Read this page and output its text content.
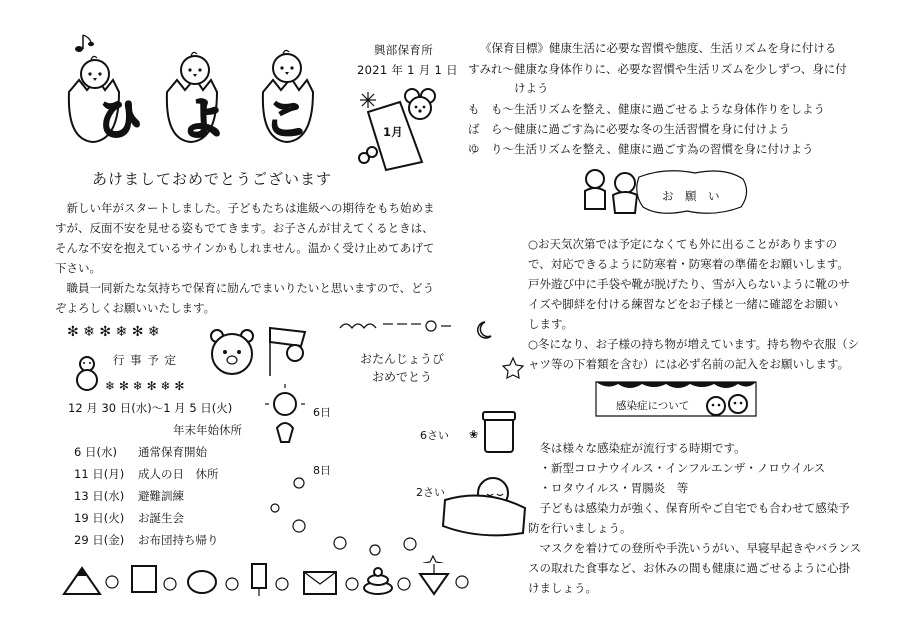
ひ よ こ
興部保育所
2021 年 1 月 1 日
1月
《保育目標》健康生活に必要な習慣や態度、生活リズムを身に付ける
すみれ～健康な身体作りに、必要な習慣や生活リズムを少しずつ、身に付
けよう
も　も～生活リズムを整え、健康に過ごせるような身体作りをしよう
ば　ら～健康に過ごす為に必要な冬の生活習慣を身に付けよう
ゆ　り～生活リズムを整え、健康に過ごす為の習慣を身に付けよう
あけましておめでとうございます
　新しい年がスタートしました。子どもたちは進級への期待をもち始めま
すが、反面不安を見せる姿もでてきます。お子さんが甘えてくるときは、
そんな不安を抱えているサインかもしれません。温かく受け止めてあげて
下さい。
　職員一同新たな気持ちで保育に励んでまいりたいと思いますので、どう
ぞよろしくお願いいたします。
お　願　い
○お天気次第では予定になくても外に出ることがありますの
で、対応できるように防寒着・防寒着の準備をお願いします。
戸外遊び中に手袋や靴が脱げたり、雪が入らないように靴のサ
イズや脚絆を付ける練習などをお子様と一緒に確認をお願い
します。
○冬になり、お子様の持ち物が増えています。持ち物や衣服（シ
ャツ等の下着類を含む）には必ず名前の記入をお願いします。
✻ ❄ ✻ ❄ ✻ ❄
❄ ✻ ❄ ✻ ❄ ✻
行 事 予 定
12 月 30 日(水)～1 月 5 日(火)
年末年始休所
6 日(水) 通常保育開始
11 日(月) 成人の日　休所
13 日(水) 避難訓練
19 日(火) お誕生会
29 日(金) お布団持ち帰り
❀
おたんじょうび
おめでとう
6日
6さい
8日
2さい
感染症について
　冬は様々な感染症が流行する時期です。
　・新型コロナウイルス・インフルエンザ・ノロウイルス
　・ロタウイルス・胃腸炎　等
　子どもは感染力が強く、保育所やご自宅でも合わせて感染予
防を行いましょう。
　マスクを着けての登所や手洗いうがい、早寝早起きやバランス
スの取れた食事など、お休みの間も健康に過ごせるように心掛
けましょう。
